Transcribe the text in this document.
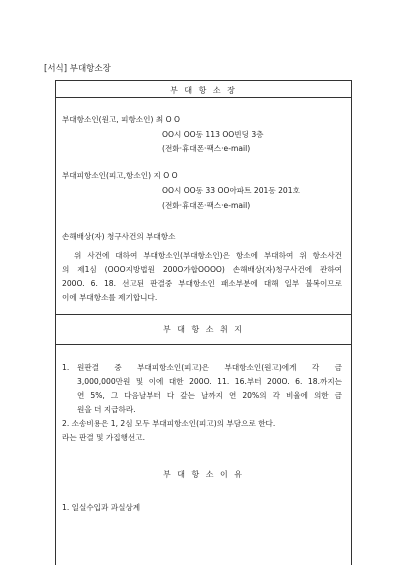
[서식] 부대항소장
부 대 항 소 장
부대항소인(원고, 피항소인) 최 O O
OO시 OO동 113 OO빈딩 3층
(전화·휴대폰·팩스·e-mail)
부대피항소인(피고,항소인) 지 O O
OO시 OO동 33 OO아파트 201동 201호
(전화·휴대폰·팩스·e-mail)
손해배상(자) 청구사건의 부대항소
위 사건에 대하여 부대항소인(부대항소인)은 항소에 부대하여 위 항소사건
의 제1심 (OOO지방법원 200O가합OOOO) 손해배상(자)청구사건에 관하여
200O. 6. 18. 선고된 판결중 부대항소인 패소부분에 대해 일부 불복이므로
이에 부대항소를 제기합니다.
부 대 항 소 취 지
1. 원판결 중 부대피항소인(피고)은 부대항소인(원고)에게 각 금
3,000,000만원 및 이에 대한 200O. 11. 16.부터 200O. 6. 18.까지는
연 5%, 그 다음날부터 다 갚는 날까지 연 20%의 각 비율에 의한 금
원을 더 지급하라.
2. 소송비용은 1, 2심 모두 부대피항소인(피고)의 부담으로 한다.
라는 판결 및 가집행선고.
부 대 항 소 이 유
1. 일실수입과 과실상계
